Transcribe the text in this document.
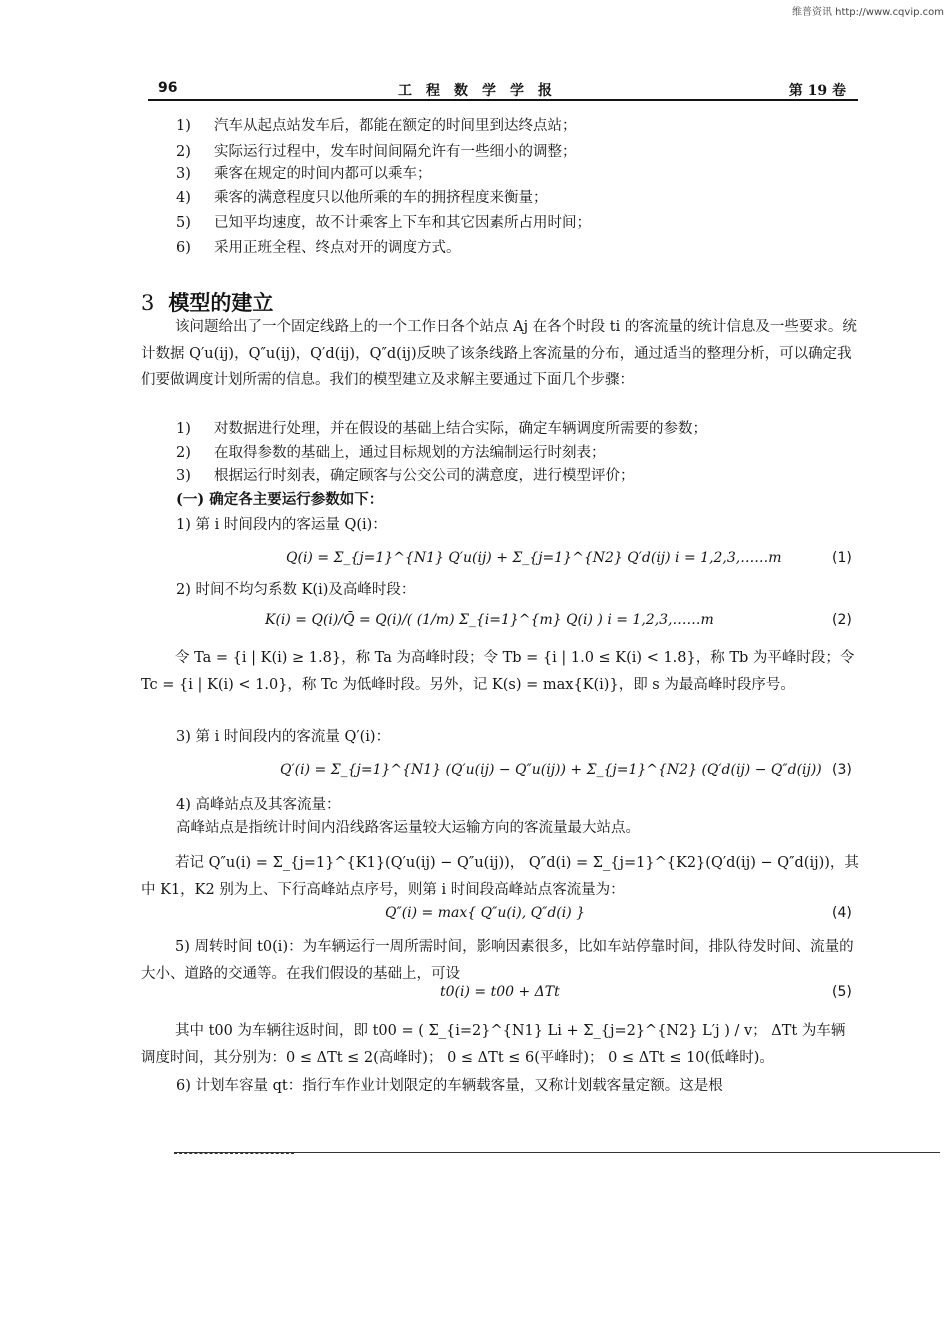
维普资讯 http://www.cqvip.com
96	工程数学学报	第 19 卷
1) 汽车从起点站发车后，都能在额定的时间里到达终点站；
2) 实际运行过程中，发车时间间隔允许有一些细小的调整；
3) 乘客在规定的时间内都可以乘车；
4) 乘客的满意程度只以他所乘的车的拥挤程度来衡量；
5) 已知平均速度，故不计乘客上下车和其它因素所占用时间；
6) 采用正班全程、终点对开的调度方式。
3 模型的建立
该问题给出了一个固定线路上的一个工作日各个站点 Aj 在各个时段 ti 的客流量的统计信息及一些要求。统计数据 Q′u(ij)，Q″u(ij)，Q′d(ij)，Q″d(ij)反映了该条线路上客流量的分布，通过适当的整理分析，可以确定我们要做调度计划所需的信息。我们的模型建立及求解主要通过下面几个步骤：
1) 对数据进行处理，并在假设的基础上结合实际，确定车辆调度所需要的参数；
2) 在取得参数的基础上，通过目标规划的方法编制运行时刻表；
3) 根据运行时刻表，确定顾客与公交公司的满意度，进行模型评价；
(一) 确定各主要运行参数如下：
1) 第 i 时间段内的客运量 Q(i)：
Q(i) = Σ_{j=1}^{N1} Q′u(ij) + Σ_{j=1}^{N2} Q′d(ij) i = 1,2,3,……m	(1)
2) 时间不均匀系数 K(i)及高峰时段：
K(i) = Q(i)/Q̄ = Q(i)/( (1/m) Σ_{i=1}^{m} Q(i) ) i = 1,2,3,……m	(2)
令 Ta = {i | K(i) ≥ 1.8}，称 Ta 为高峰时段；令 Tb = {i | 1.0 ≤ K(i) < 1.8}，称 Tb 为平峰时段；令 Tc = {i | K(i) < 1.0}，称 Tc 为低峰时段。另外，记 K(s) = max{K(i)}，即 s 为最高峰时段序号。
3) 第 i 时间段内的客流量 Q′(i)：
Q′(i) = Σ_{j=1}^{N1} (Q′u(ij) − Q″u(ij)) + Σ_{j=1}^{N2} (Q′d(ij) − Q″d(ij)) (3)
4) 高峰站点及其客流量：
高峰站点是指统计时间内沿线路客运量较大运输方向的客流量最大站点。
若记 Q″u(i) = Σ_{j=1}^{K1}(Q′u(ij) − Q″u(ij))， Q″d(i) = Σ_{j=1}^{K2}(Q′d(ij) − Q″d(ij))，其中 K1，K2 别为上、下行高峰站点序号，则第 i 时间段高峰站点客流量为：
Q″(i) = max{ Q″u(i), Q″d(i) }	(4)
5) 周转时间 t0(i)：为车辆运行一周所需时间，影响因素很多，比如车站停靠时间，排队待发时间、流量的大小、道路的交通等。在我们假设的基础上，可设
t0(i) = t00 + ΔTt	(5)
其中 t00 为车辆往返时间，即 t00 = ( Σ_{i=2}^{N1} Li + Σ_{j=2}^{N2} L′j ) / v； ΔTt 为车辆调度时间，其分别为：0 ≤ ΔTt ≤ 2(高峰时)； 0 ≤ ΔTt ≤ 6(平峰时)； 0 ≤ ΔTt ≤ 10(低峰时)。
6) 计划车容量 qt：指行车作业计划限定的车辆载客量，又称计划载客量定额。这是根
